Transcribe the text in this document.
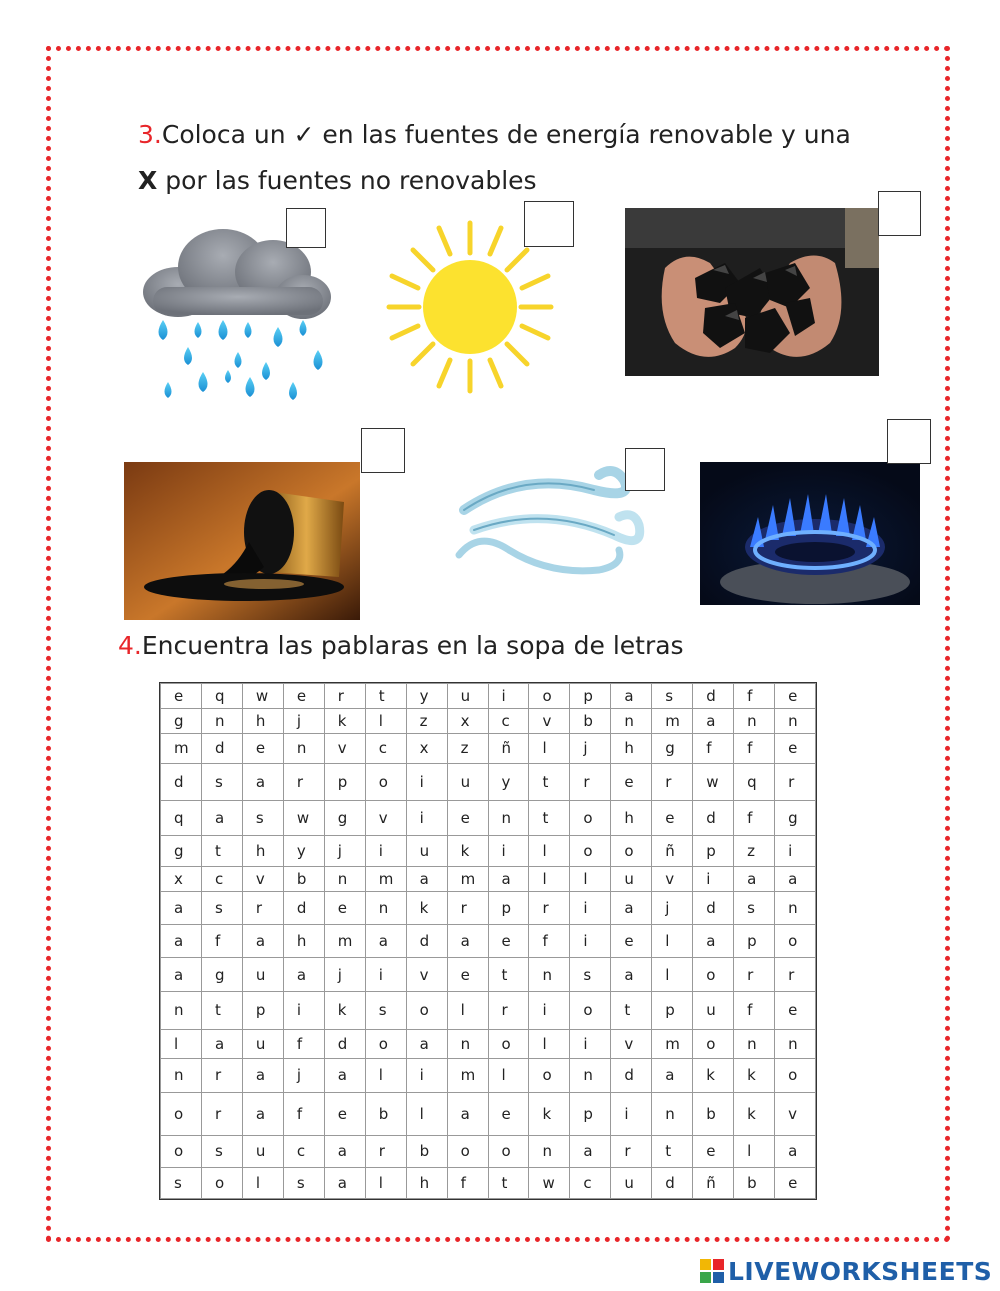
3.Coloca un ✓ en las fuentes de energía renovable y una
X por las fuentes no renovables
4.Encuentra las pablaras en la sopa de letras
e	q	w	e	r	t	y	u	i	o	p	a	s	d	f	e
g	n	h	j	k	l	z	x	c	v	b	n	m	a	n	n
m	d	e	n	v	c	x	z	ñ	l	j	h	g	f	f	e
d	s	a	r	p	o	i	u	y	t	r	e	r	w	q	r
q	a	s	w	g	v	i	e	n	t	o	h	e	d	f	g
g	t	h	y	j	i	u	k	i	l	o	o	ñ	p	z	i
x	c	v	b	n	m	a	m	a	l	l	u	v	i	a	a
a	s	r	d	e	n	k	r	p	r	i	a	j	d	s	n
a	f	a	h	m	a	d	a	e	f	i	e	l	a	p	o
a	g	u	a	j	i	v	e	t	n	s	a	l	o	r	r
n	t	p	i	k	s	o	l	r	i	o	t	p	u	f	e
l	a	u	f	d	o	a	n	o	l	i	v	m	o	n	n
n	r	a	j	a	l	i	m	l	o	n	d	a	k	k	o
o	r	a	f	e	b	l	a	e	k	p	i	n	b	k	v
o	s	u	c	a	r	b	o	o	n	a	r	t	e	l	a
s	o	l	s	a	l	h	f	t	w	c	u	d	ñ	b	e
LIVEWORKSHEETS
